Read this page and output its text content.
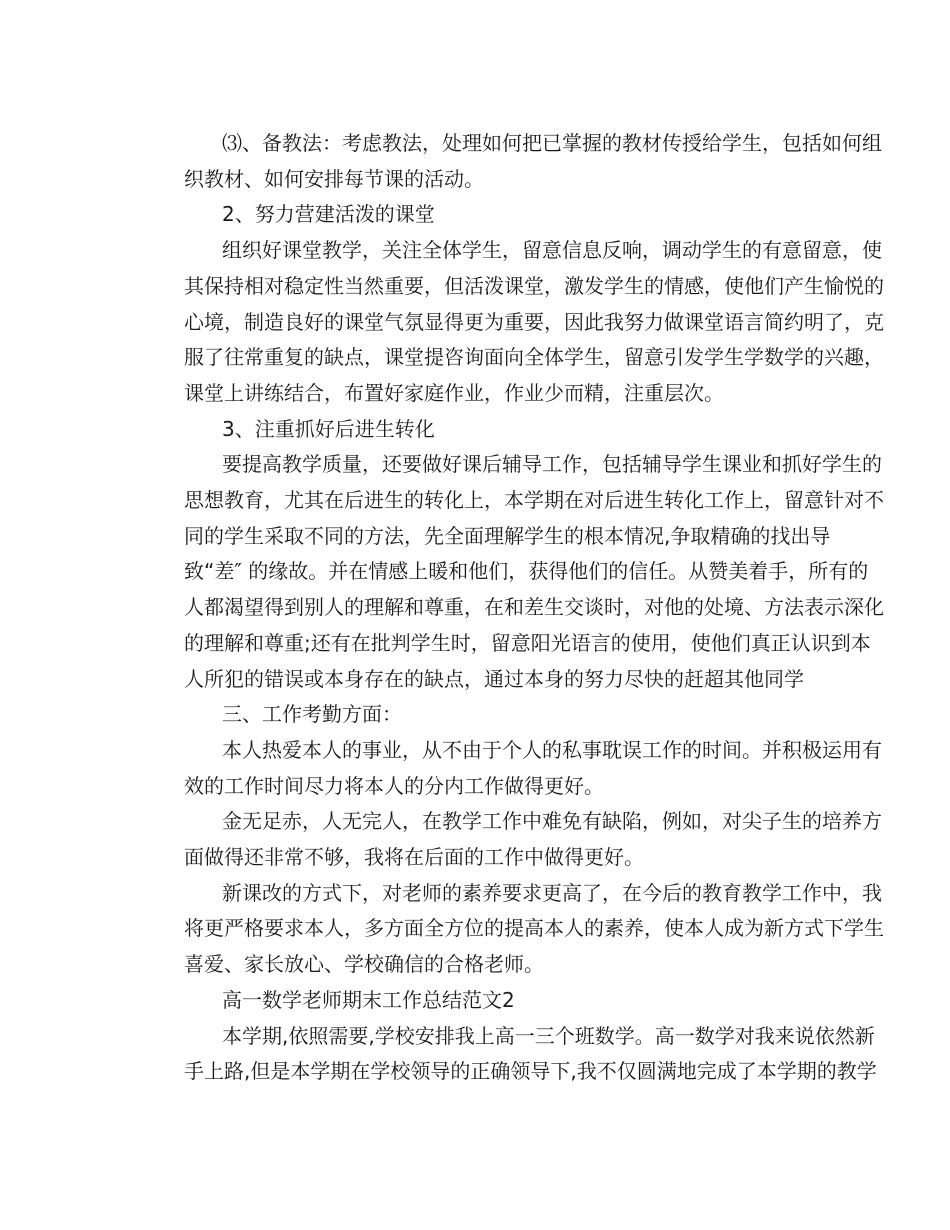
⑶、备教法：考虑教法，处理如何把已掌握的教材传授给学生，包括如何组
织教材、如何安排每节课的活动。
2、努力营建活泼的课堂
组织好课堂教学，关注全体学生，留意信息反响，调动学生的有意留意，使
其保持相对稳定性当然重要，但活泼课堂，激发学生的情感，使他们产生愉悦的
心境，制造良好的课堂气氛显得更为重要，因此我努力做课堂语言简约明了，克
服了往常重复的缺点，课堂提咨询面向全体学生，留意引发学生学数学的兴趣，
课堂上讲练结合，布置好家庭作业，作业少而精，注重层次。
3、注重抓好后进生转化
要提高教学质量，还要做好课后辅导工作，包括辅导学生课业和抓好学生的
思想教育，尤其在后进生的转化上，本学期在对后进生转化工作上，留意针对不
同的学生采取不同的方法，先全面理解学生的根本情况,争取精确的找出导
致“差″ 的缘故。并在情感上暖和他们，获得他们的信任。从赞美着手，所有的
人都渴望得到别人的理解和尊重，在和差生交谈时，对他的处境、方法表示深化
的理解和尊重;还有在批判学生时，留意阳光语言的使用，使他们真正认识到本
人所犯的错误或本身存在的缺点，通过本身的努力尽快的赶超其他同学
三、工作考勤方面：
本人热爱本人的事业，从不由于个人的私事耽误工作的时间。并积极运用有
效的工作时间尽力将本人的分内工作做得更好。
金无足赤，人无完人，在教学工作中难免有缺陷，例如，对尖子生的培养方
面做得还非常不够，我将在后面的工作中做得更好。
新课改的方式下，对老师的素养要求更高了，在今后的教育教学工作中，我
将更严格要求本人，多方面全方位的提高本人的素养，使本人成为新方式下学生
喜爱、家长放心、学校确信的合格老师。
高一数学老师期末工作总结范文2
本学期,依照需要,学校安排我上高一三个班数学。高一数学对我来说依然新
手上路,但是本学期在学校领导的正确领导下,我不仅圆满地完成了本学期的教学
